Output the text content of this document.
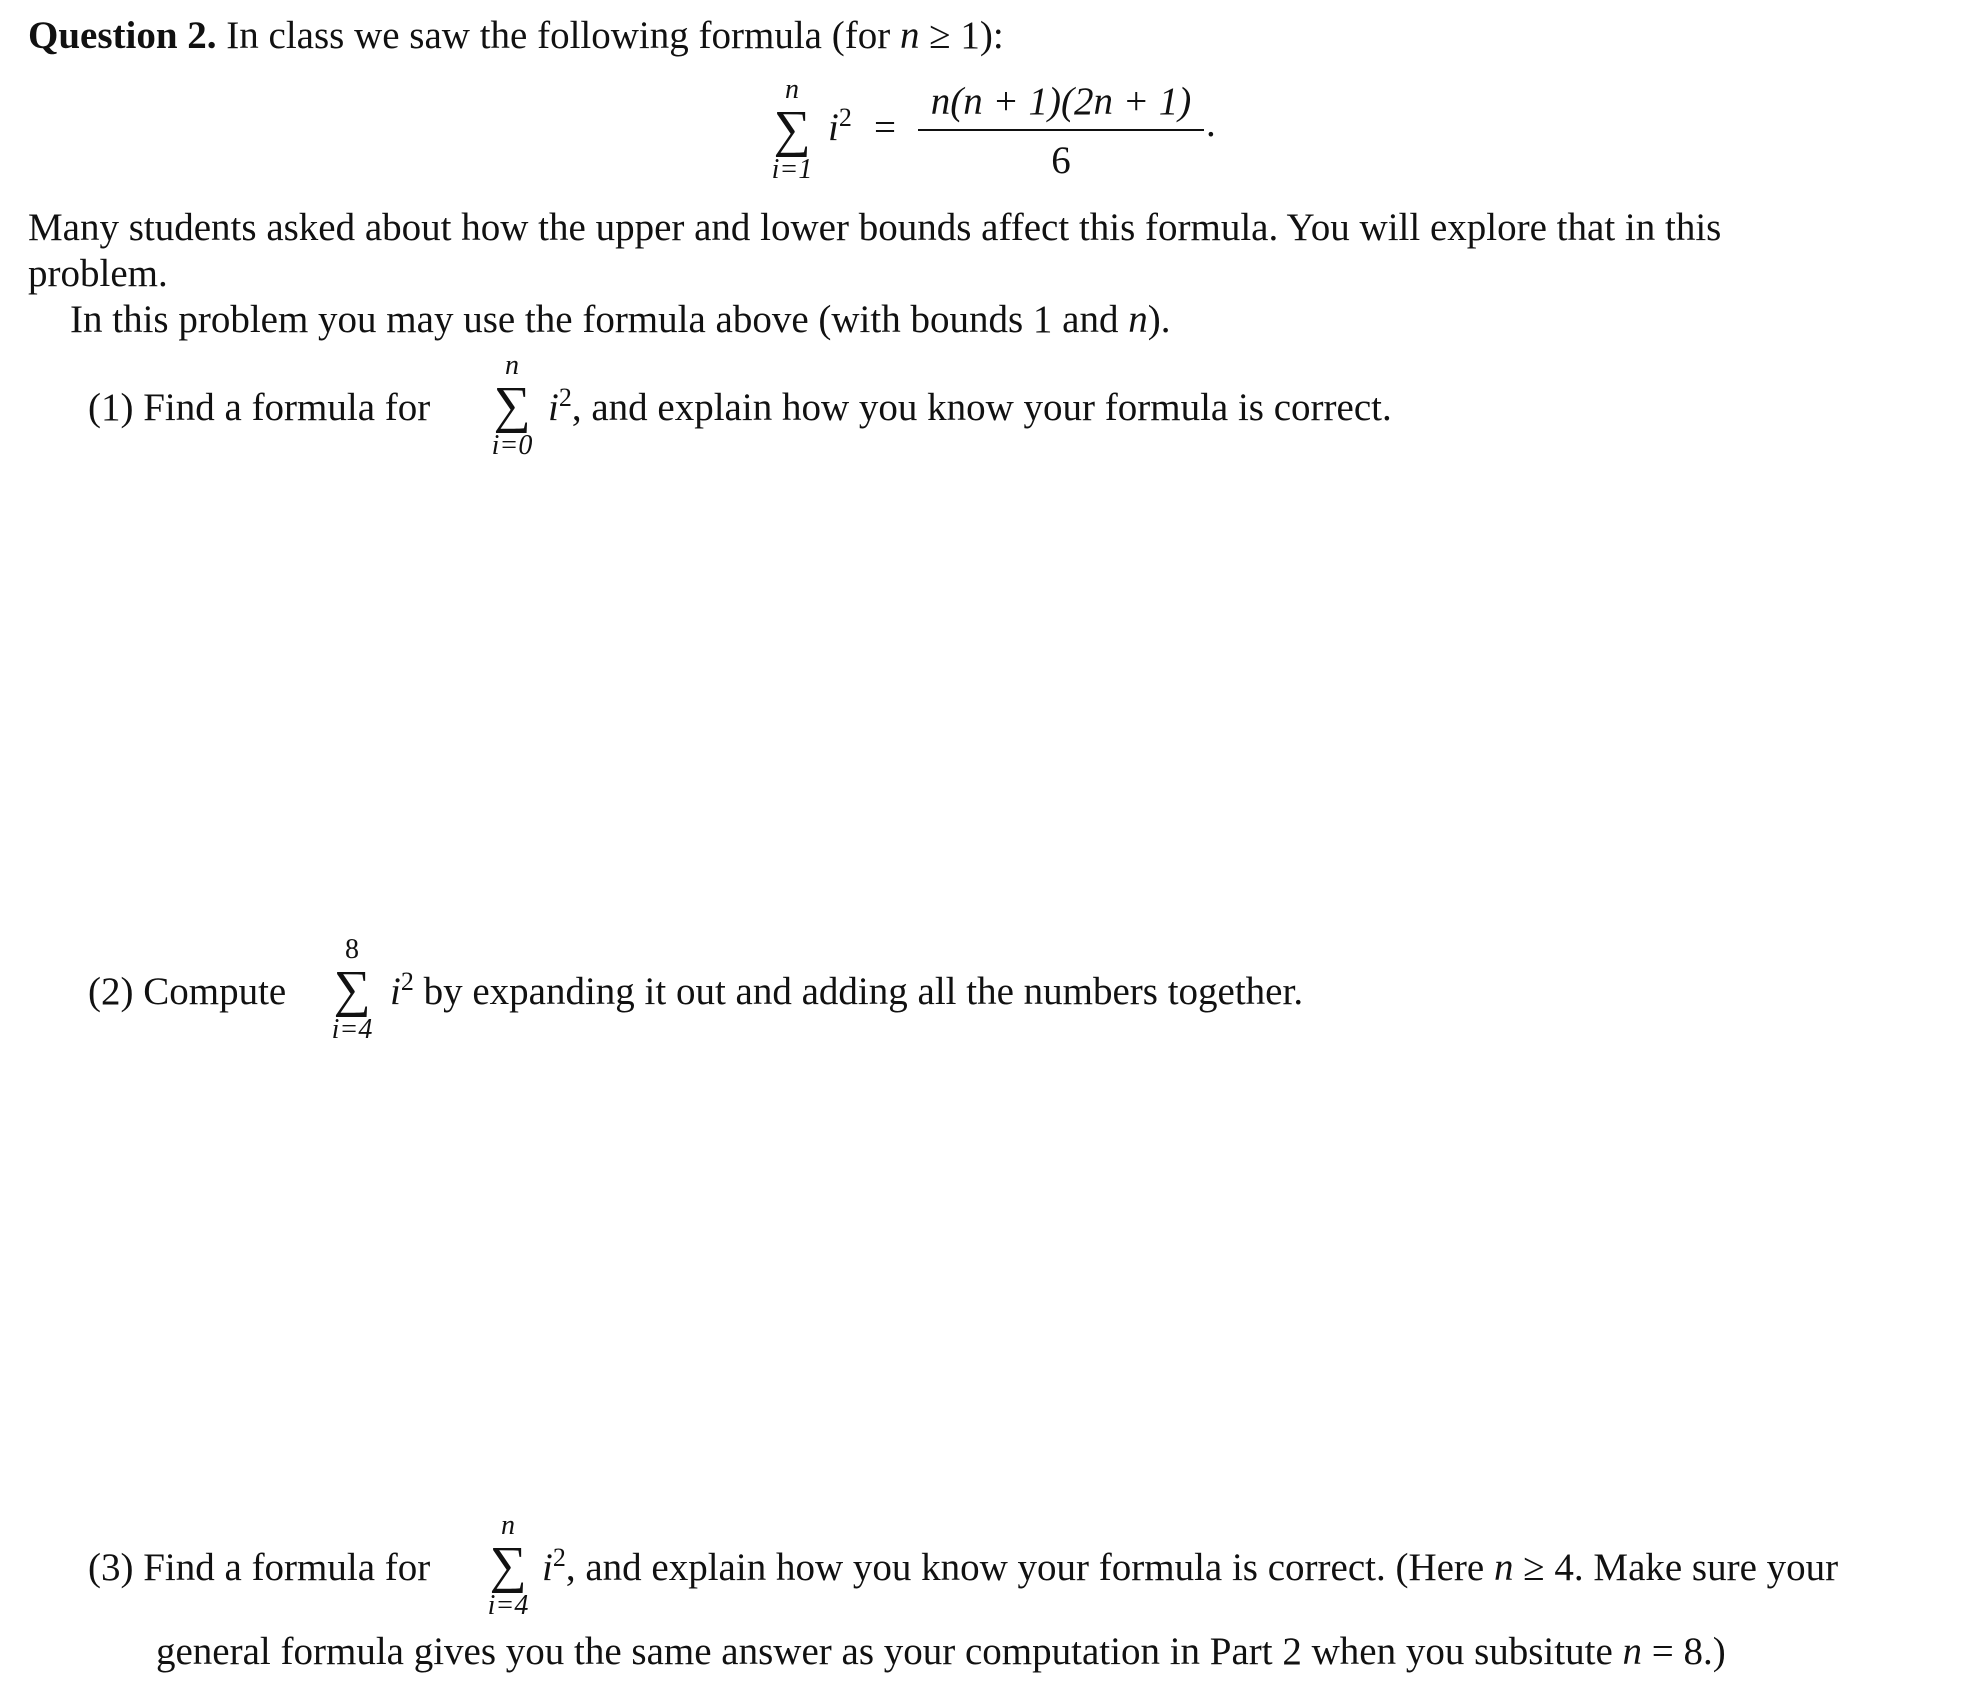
Question 2. In class we saw the following formula (for n ≥ 1):
n
∑
i=1
$i^2$ =
n(n + 1)(2n + 1)
6
.
Many students asked about how the upper and lower bounds affect this formula. You will explore that in this
problem.
In this problem you may use the formula above (with bounds 1 and n).
(1) Find a formula for
n
∑
i=0
$i^2$, and explain how you know your formula is correct.
(2) Compute
8
∑
i=4
$i^2$ by expanding it out and adding all the numbers together.
(3) Find a formula for
n
∑
i=4
$i^2$, and explain how you know your formula is correct. (Here n ≥ 4. Make sure your
general formula gives you the same answer as your computation in Part 2 when you subsitute n = 8.)
